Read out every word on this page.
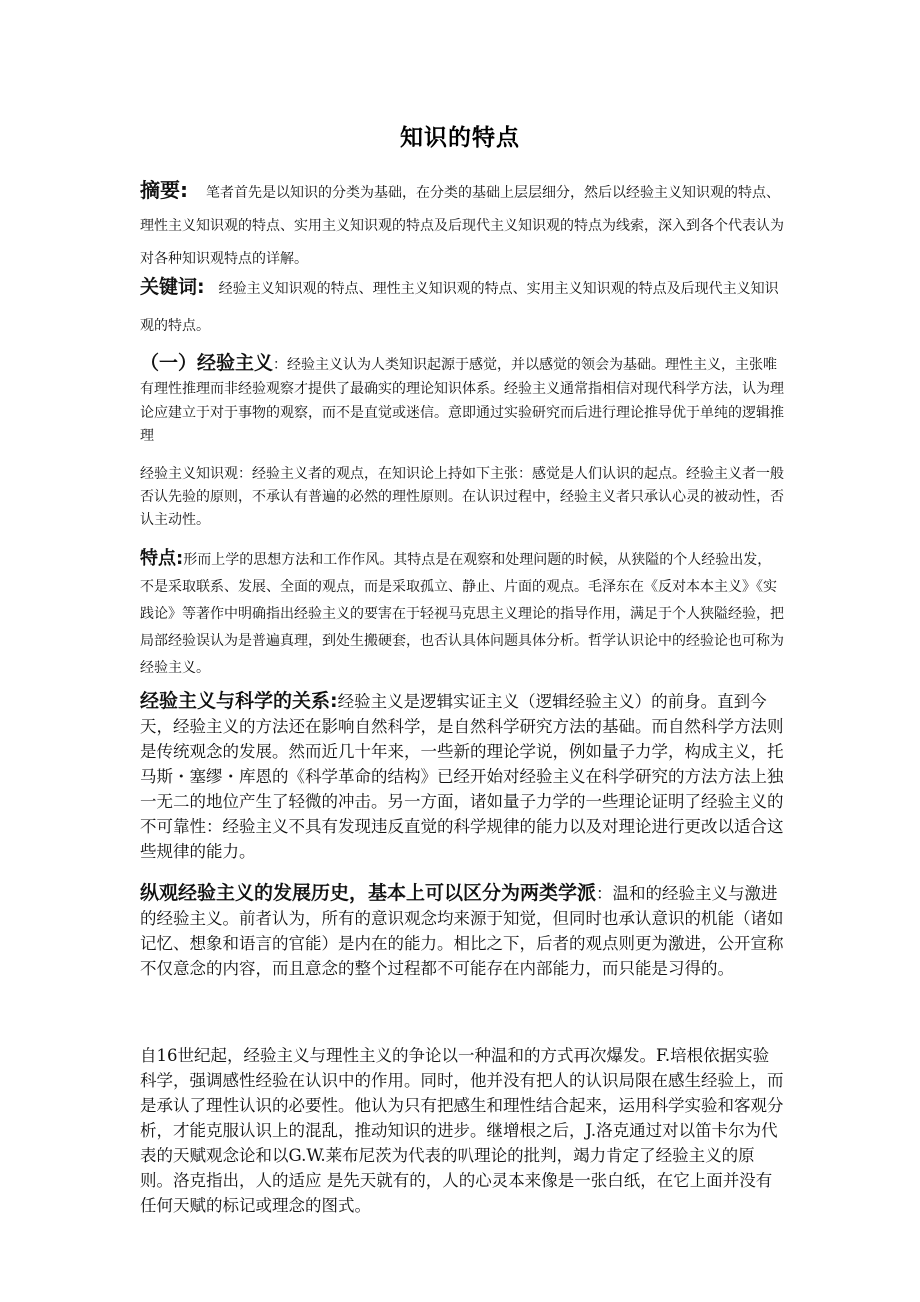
知识的特点
摘要: 笔者首先是以知识的分类为基础，在分类的基础上层层细分，然后以经验主义知识观的特点、理性主义知识观的特点、实用主义知识观的特点及后现代主义知识观的特点为线索，深入到各个代表认为对各种知识观特点的详解。
关键词: 经验主义知识观的特点、理性主义知识观的特点、实用主义知识观的特点及后现代主义知识观的特点。
（一）经验主义：经验主义认为人类知识起源于感觉，并以感觉的领会为基础。理性主义，主张唯有理性推理而非经验观察才提供了最确实的理论知识体系。经验主义通常指相信对现代科学方法，认为理论应建立于对于事物的观察，而不是直觉或迷信。意即通过实验研究而后进行理论推导优于单纯的逻辑推理
经验主义知识观：经验主义者的观点，在知识论上持如下主张：感觉是人们认识的起点。经验主义者一般否认先验的原则，不承认有普遍的必然的理性原则。在认识过程中，经验主义者只承认心灵的被动性，否认主动性。
特点:形而上学的思想方法和工作作风。其特点是在观察和处理问题的时候，从狭隘的个人经验出发，不是采取联系、发展、全面的观点，而是采取孤立、静止、片面的观点。毛泽东在《反对本本主义》《实践论》等著作中明确指出经验主义的要害在于轻视马克思主义理论的指导作用，满足于个人狭隘经验，把局部经验误认为是普遍真理，到处生搬硬套，也否认具体问题具体分析。哲学认识论中的经验论也可称为经验主义。
经验主义与科学的关系:经验主义是逻辑实证主义（逻辑经验主义）的前身。直到今天，经验主义的方法还在影响自然科学，是自然科学研究方法的基础。而自然科学方法则是传统观念的发展。然而近几十年来，一些新的理论学说，例如量子力学，构成主义，托马斯・塞缪・库恩的《科学革命的结构》已经开始对经验主义在科学研究的方法方法上独一无二的地位产生了轻微的冲击。另一方面，诸如量子力学的一些理论证明了经验主义的不可靠性：经验主义不具有发现违反直觉的科学规律的能力以及对理论进行更改以适合这些规律的能力。
纵观经验主义的发展历史，基本上可以区分为两类学派：温和的经验主义与激进的经验主义。前者认为，所有的意识观念均来源于知觉，但同时也承认意识的机能（诸如记忆、想象和语言的官能）是内在的能力。相比之下，后者的观点则更为激进，公开宣称不仅意念的内容，而且意念的整个过程都不可能存在内部能力，而只能是习得的。
自16世纪起，经验主义与理性主义的争论以一种温和的方式再次爆发。F.培根依据实验科学，强调感性经验在认识中的作用。同时，他并没有把人的认识局限在感生经验上，而是承认了理性认识的必要性。他认为只有把感生和理性结合起来，运用科学实验和客观分析，才能克服认识上的混乱，推动知识的进步。继增根之后，J.洛克通过对以笛卡尔为代表的天赋观念论和以G.W.莱布尼茨为代表的叭理论的批判，竭力肯定了经验主义的原则。洛克指出，人的适应 是先天就有的，人的心灵本来像是一张白纸，在它上面并没有任何天赋的标记或理念的图式。
